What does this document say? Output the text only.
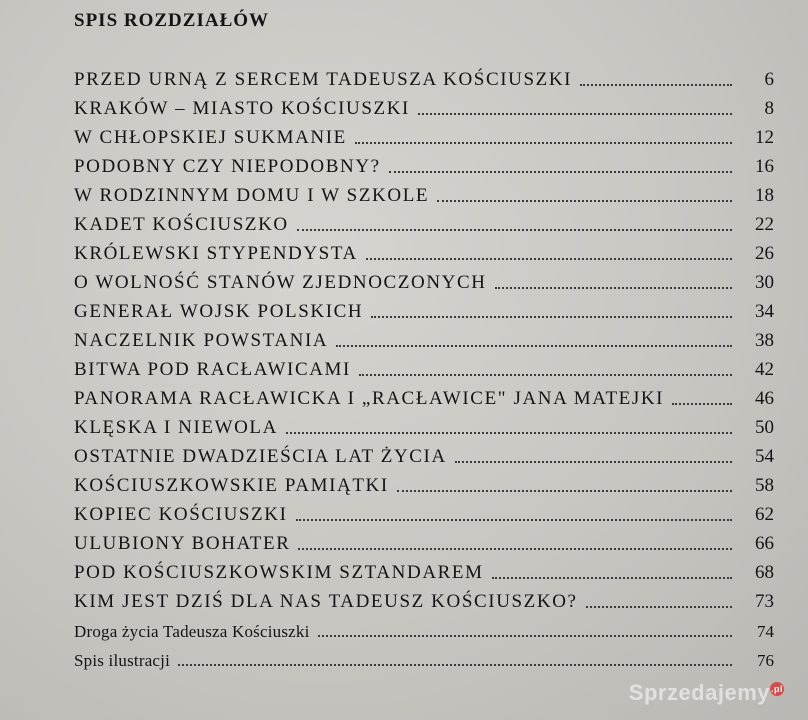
SPIS ROZDZIAŁÓW
PRZED URNĄ Z SERCEM TADEUSZA KOŚCIUSZKI	6
KRAKÓW – MIASTO KOŚCIUSZKI	8
W CHŁOPSKIEJ SUKMANIE	12
PODOBNY CZY NIEPODOBNY?	16
W RODZINNYM DOMU I W SZKOLE	18
KADET KOŚCIUSZKO	22
KRÓLEWSKI STYPENDYSTA	26
O WOLNOŚĆ STANÓW ZJEDNOCZONYCH	30
GENERAŁ WOJSK POLSKICH	34
NACZELNIK POWSTANIA	38
BITWA POD RACŁAWICAMI	42
PANORAMA RACŁAWICKA I „RACŁAWICE" JANA MATEJKI	46
KLĘSKA I NIEWOLA	50
OSTATNIE DWADZIEŚCIA LAT ŻYCIA	54
KOŚCIUSZKOWSKIE PAMIĄTKI	58
KOPIEC KOŚCIUSZKI	62
ULUBIONY BOHATER	66
POD KOŚCIUSZKOWSKIM SZTANDAREM	68
KIM JEST DZIŚ DLA NAS TADEUSZ KOŚCIUSZKO?	73
Droga życia Tadeusza Kościuszki	74
Spis ilustracji	76
Sprzedajemy.pl
